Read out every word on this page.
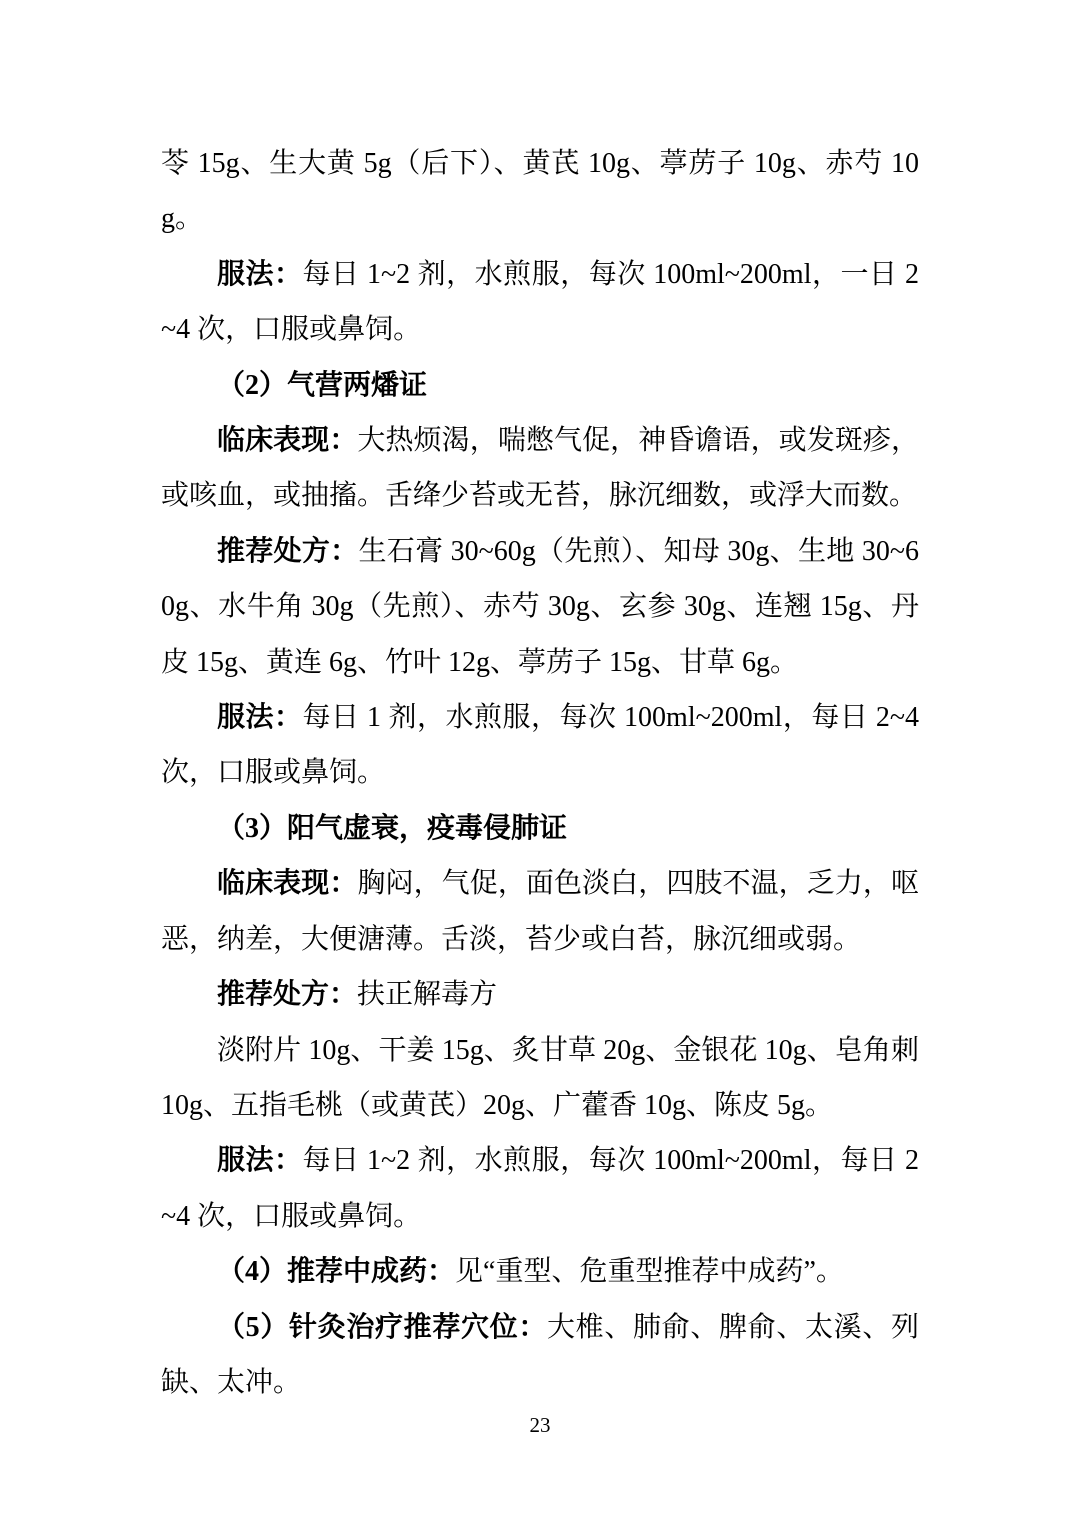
苓 15g、生大黄 5g（后下）、黄芪 10g、葶苈子 10g、赤芍 10g。

服法：每日 1~2 剂，水煎服，每次 100ml~200ml，一日 2~4 次，口服或鼻饲。

（2）气营两燔证

临床表现：大热烦渴，喘憋气促，神昏谵语，或发斑疹，或咳血，或抽搐。舌绛少苔或无苔，脉沉细数，或浮大而数。

推荐处方：生石膏 30~60g（先煎）、知母 30g、生地 30~60g、水牛角 30g（先煎）、赤芍 30g、玄参 30g、连翘 15g、丹皮 15g、黄连 6g、竹叶 12g、葶苈子 15g、甘草 6g。

服法：每日 1 剂，水煎服，每次 100ml~200ml，每日 2~4 次，口服或鼻饲。

（3）阳气虚衰，疫毒侵肺证

临床表现：胸闷，气促，面色淡白，四肢不温，乏力，呕恶，纳差，大便溏薄。舌淡，苔少或白苔，脉沉细或弱。

推荐处方：扶正解毒方

淡附片 10g、干姜 15g、炙甘草 20g、金银花 10g、皂角刺 10g、五指毛桃（或黄芪）20g、广藿香 10g、陈皮 5g。

服法：每日 1~2 剂，水煎服，每次 100ml~200ml，每日 2~4 次，口服或鼻饲。

（4）推荐中成药：见“重型、危重型推荐中成药”。

（5）针灸治疗推荐穴位：大椎、肺俞、脾俞、太溪、列缺、太冲。

23
